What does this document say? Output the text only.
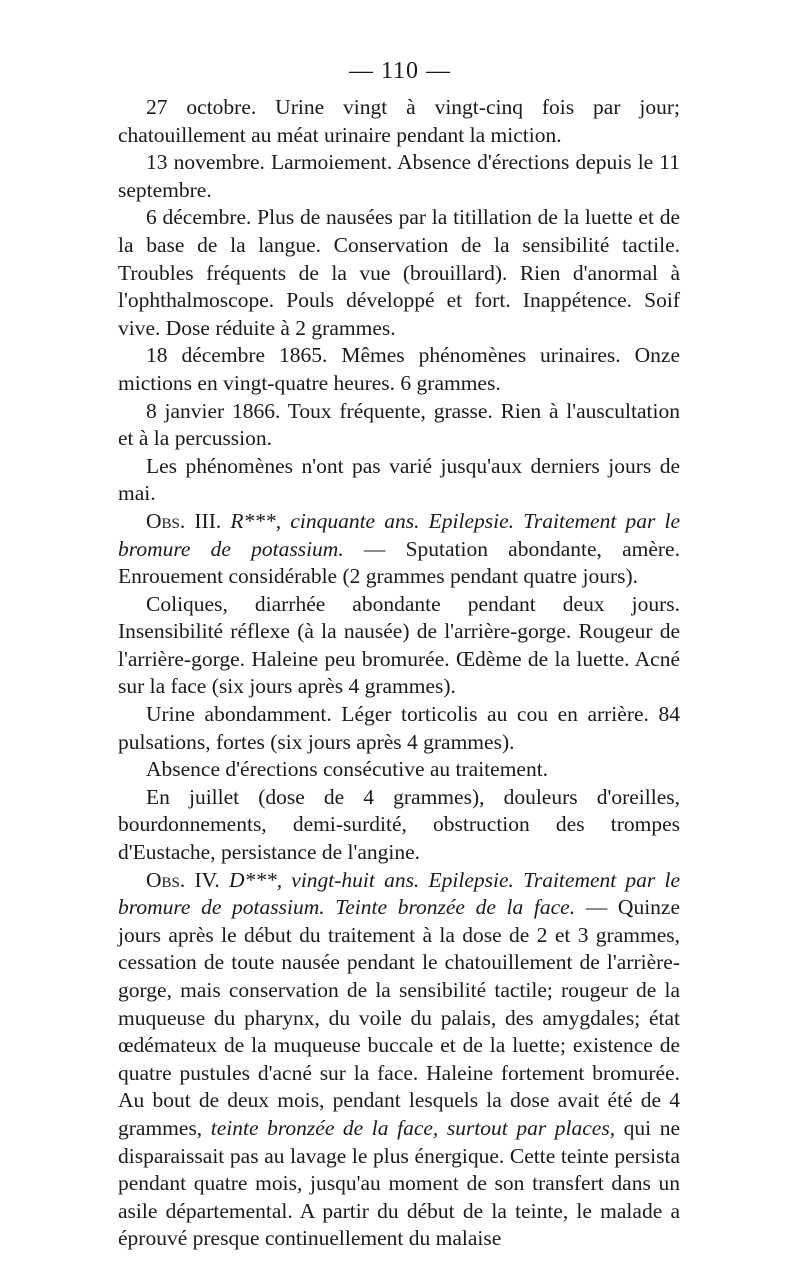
— 110 —

27 octobre. Urine vingt à vingt-cinq fois par jour; chatouillement au méat urinaire pendant la miction.

13 novembre. Larmoiement. Absence d'érections depuis le 11 septembre.

6 décembre. Plus de nausées par la titillation de la luette et de la base de la langue. Conservation de la sensibilité tactile. Troubles fréquents de la vue (brouillard). Rien d'anormal à l'ophthalmoscope. Pouls développé et fort. Inappétence. Soif vive. Dose réduite à 2 grammes.

18 décembre 1865. Mêmes phénomènes urinaires. Onze mictions en vingt-quatre heures. 6 grammes.

8 janvier 1866. Toux fréquente, grasse. Rien à l'auscultation et à la percussion.

Les phénomènes n'ont pas varié jusqu'aux derniers jours de mai.

Obs. III. R***, cinquante ans. Epilepsie. Traitement par le bromure de potassium. — Sputation abondante, amère. Enrouement considérable (2 grammes pendant quatre jours).

Coliques, diarrhée abondante pendant deux jours. Insensibilité réflexe (à la nausée) de l'arrière-gorge. Rougeur de l'arrière-gorge. Haleine peu bromurée. Œdème de la luette. Acné sur la face (six jours après 4 grammes).

Urine abondamment. Léger torticolis au cou en arrière. 84 pulsations, fortes (six jours après 4 grammes).

Absence d'érections consécutive au traitement.

En juillet (dose de 4 grammes), douleurs d'oreilles, bourdonnements, demi-surdité, obstruction des trompes d'Eustache, persistance de l'angine.

Obs. IV. D***, vingt-huit ans. Epilepsie. Traitement par le bromure de potassium. Teinte bronzée de la face. — Quinze jours après le début du traitement à la dose de 2 et 3 grammes, cessation de toute nausée pendant le chatouillement de l'arrière-gorge, mais conservation de la sensibilité tactile; rougeur de la muqueuse du pharynx, du voile du palais, des amygdales; état œdémateux de la muqueuse buccale et de la luette; existence de quatre pustules d'acné sur la face. Haleine fortement bromurée. Au bout de deux mois, pendant lesquels la dose avait été de 4 grammes, teinte bronzée de la face, surtout par places, qui ne disparaissait pas au lavage le plus énergique. Cette teinte persista pendant quatre mois, jusqu'au moment de son transfert dans un asile départemental. A partir du début de la teinte, le malade a éprouvé presque continuellement du malaise
